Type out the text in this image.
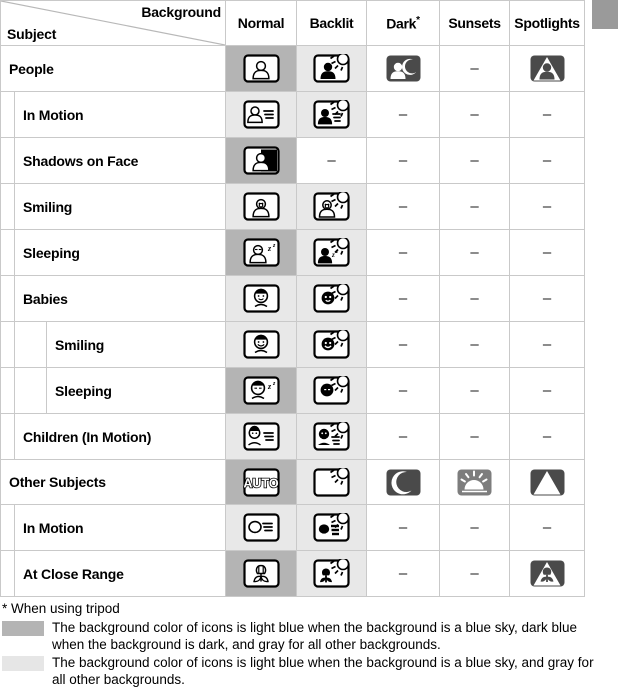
Background
Subject	Normal	Backlit	Dark*	Sunsets	Spotlights

People				–	

In Motion			–	–	–

Shadows on Face		–	–	–	–

Smiling			–	–	–

Sleeping	z z	z z	–	–	–

Babies			–	–	–

Smiling			–	–	–

Sleeping	z z		–	–	–

Children (In Motion)			–	–	–

Other Subjects	AUTO

In Motion			–	–	–

At Close Range			–	–	
* When using tripod
The background color of icons is light blue when the background is a blue sky, dark blue when the background is dark, and gray for all other backgrounds.
The background color of icons is light blue when the background is a blue sky, and gray for all other backgrounds.
